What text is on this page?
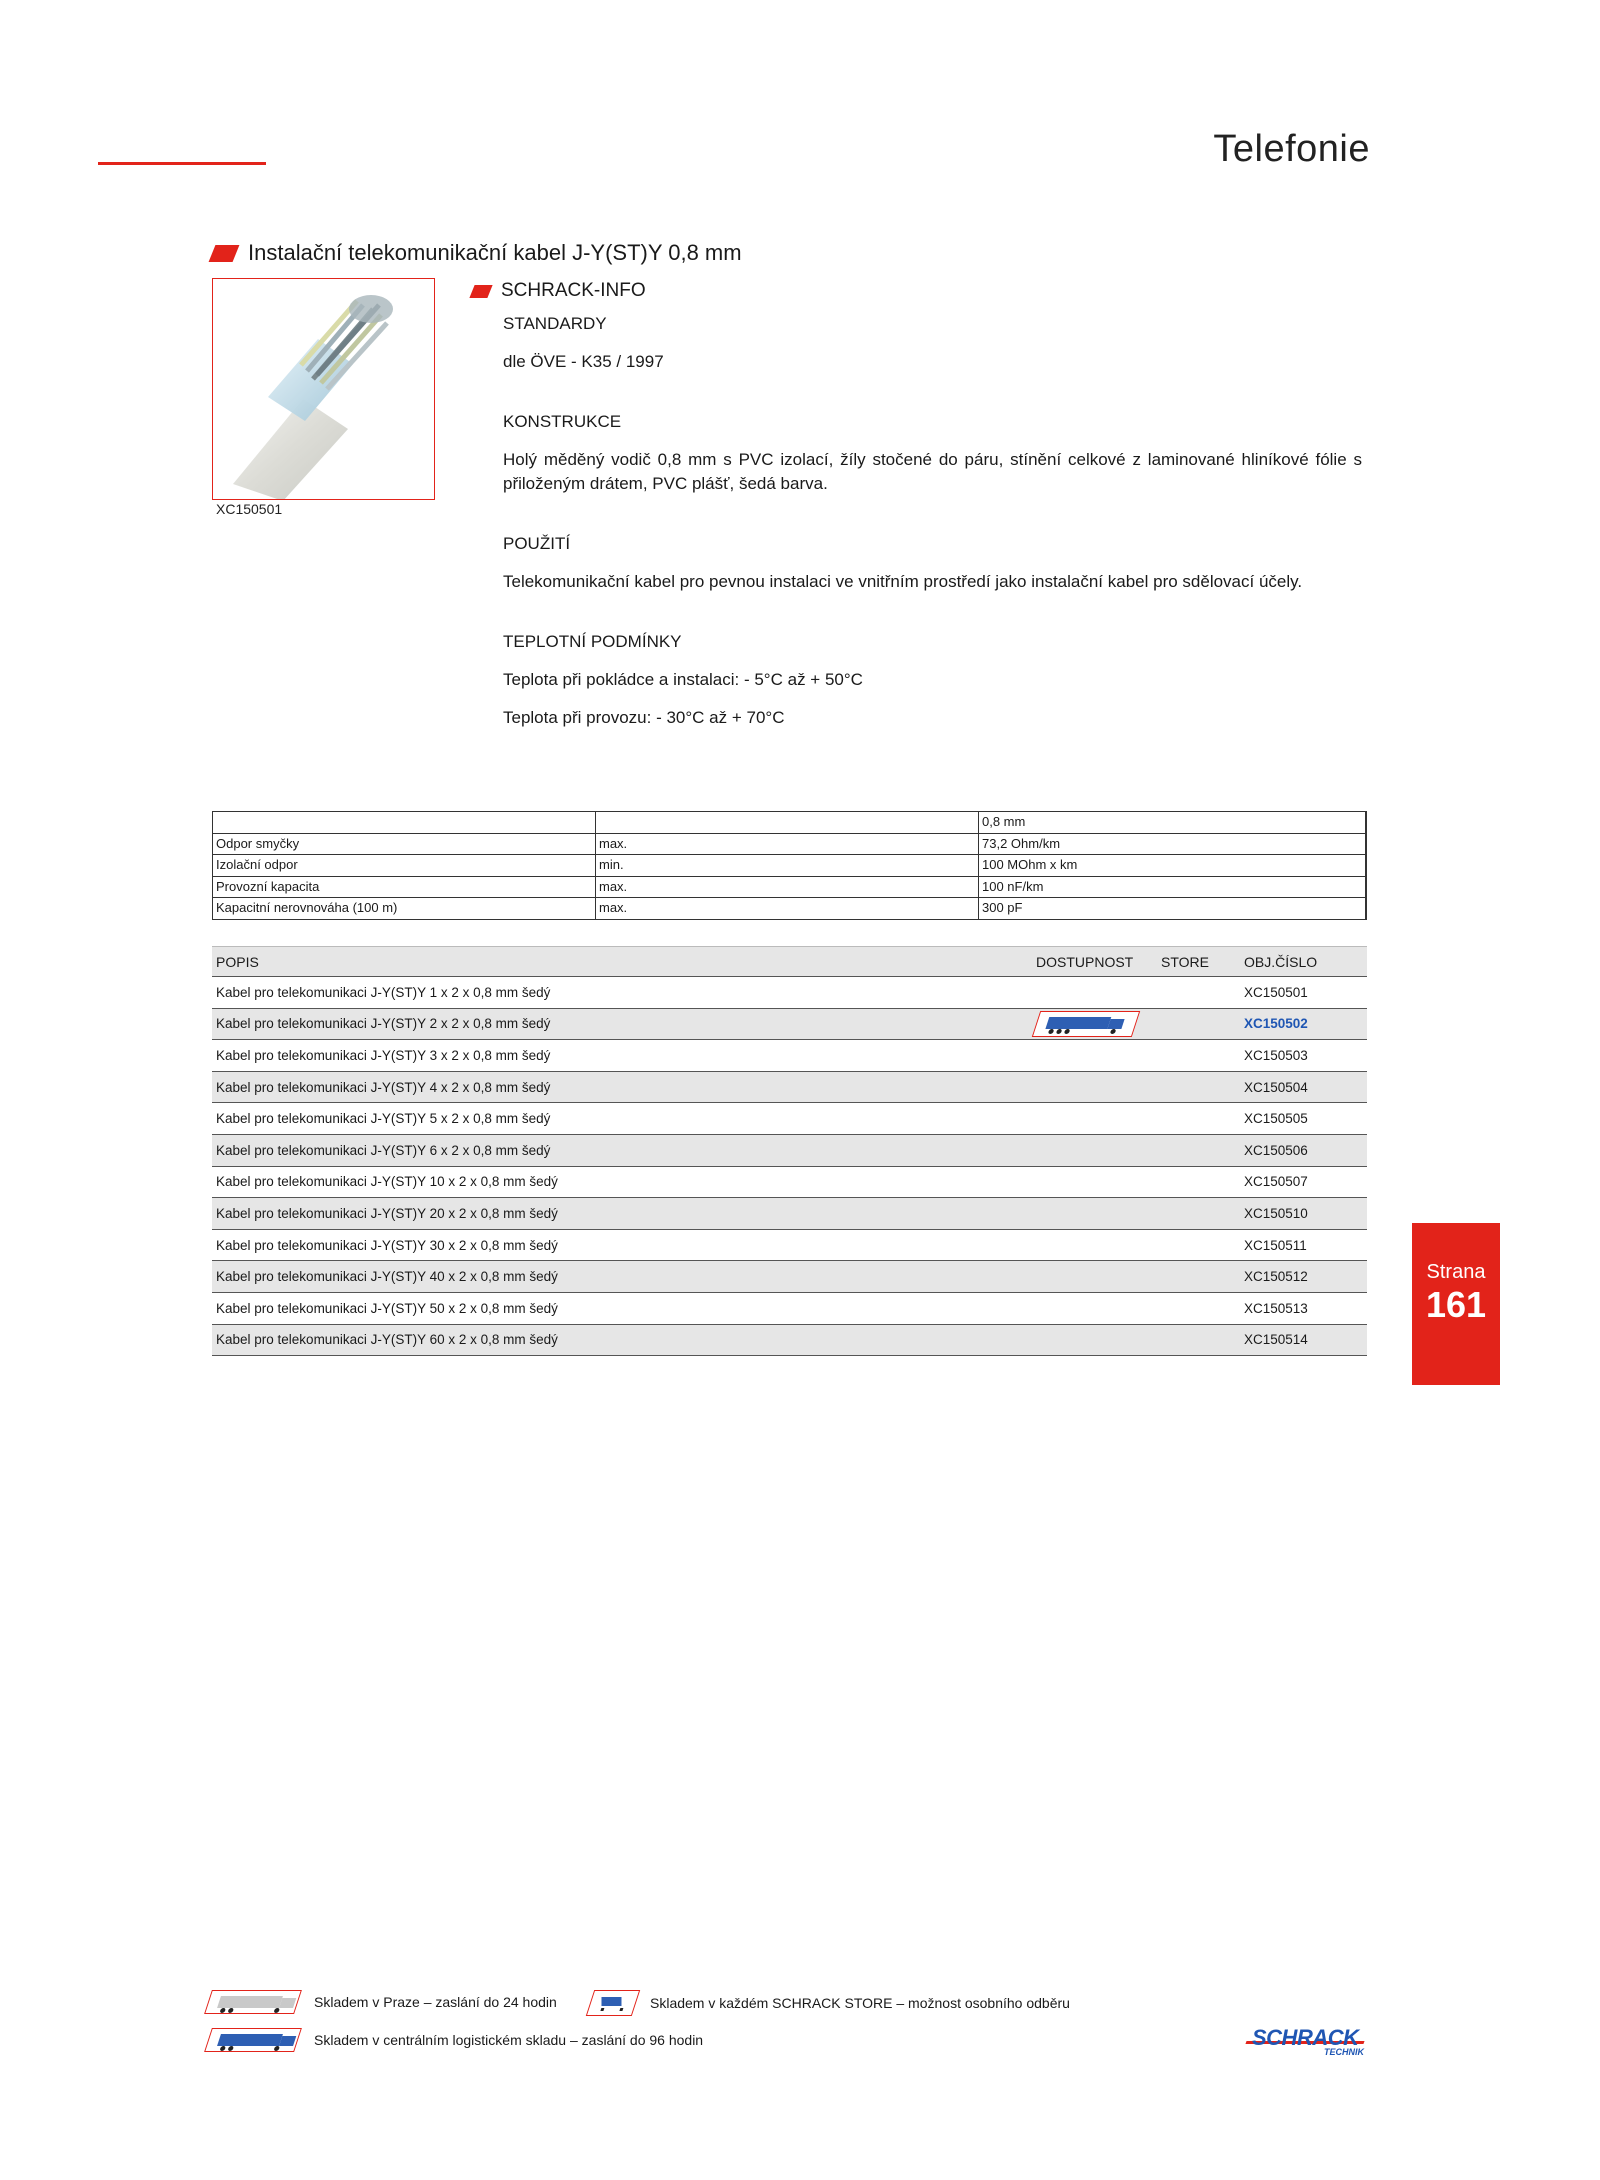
Telefonie
Instalační telekomunikační kabel J-Y(ST)Y 0,8 mm
XC150501
SCHRACK-INFO
STANDARDY
dle ÖVE - K35 / 1997
KONSTRUKCE
Holý měděný vodič 0,8 mm s PVC izolací, žíly stočené do páru, stínění celkové z laminované hliníkové fólie s přiloženým drátem, PVC plášť, šedá barva.
POUŽITÍ
Telekomunikační kabel pro pevnou instalaci ve vnitřním prostředí jako instalační kabel pro sdělovací účely.
TEPLOTNÍ PODMÍNKY
Teplota při pokládce a instalaci: - 5°C až + 50°C
Teplota při provozu: - 30°C až + 70°C
		0,8 mm
Odpor smyčky	max.	73,2 Ohm/km
Izolační odpor	min.	100 MOhm x km
Provozní kapacita	max.	100 nF/km
Kapacitní nerovnováha (100 m)	max.	300 pF
POPIS	DOSTUPNOST	STORE	OBJ.ČÍSLO
Kabel pro telekomunikaci J-Y(ST)Y 1 x 2 x 0,8 mm šedý	XC150501
Kabel pro telekomunikaci J-Y(ST)Y 2 x 2 x 0,8 mm šedý	XC150502
Kabel pro telekomunikaci J-Y(ST)Y 3 x 2 x 0,8 mm šedý	XC150503
Kabel pro telekomunikaci J-Y(ST)Y 4 x 2 x 0,8 mm šedý	XC150504
Kabel pro telekomunikaci J-Y(ST)Y 5 x 2 x 0,8 mm šedý	XC150505
Kabel pro telekomunikaci J-Y(ST)Y 6 x 2 x 0,8 mm šedý	XC150506
Kabel pro telekomunikaci J-Y(ST)Y 10 x 2 x 0,8 mm šedý	XC150507
Kabel pro telekomunikaci J-Y(ST)Y 20 x 2 x 0,8 mm šedý	XC150510
Kabel pro telekomunikaci J-Y(ST)Y 30 x 2 x 0,8 mm šedý	XC150511
Kabel pro telekomunikaci J-Y(ST)Y 40 x 2 x 0,8 mm šedý	XC150512
Kabel pro telekomunikaci J-Y(ST)Y 50 x 2 x 0,8 mm šedý	XC150513
Kabel pro telekomunikaci J-Y(ST)Y 60 x 2 x 0,8 mm šedý	XC150514
Strana
161
Skladem v Praze – zaslání do 24 hodin	Skladem v každém SCHRACK STORE – možnost osobního odběru
Skladem v centrálním logistickém skladu – zaslání do 96 hodin	SCHRACK
TECHNIK
